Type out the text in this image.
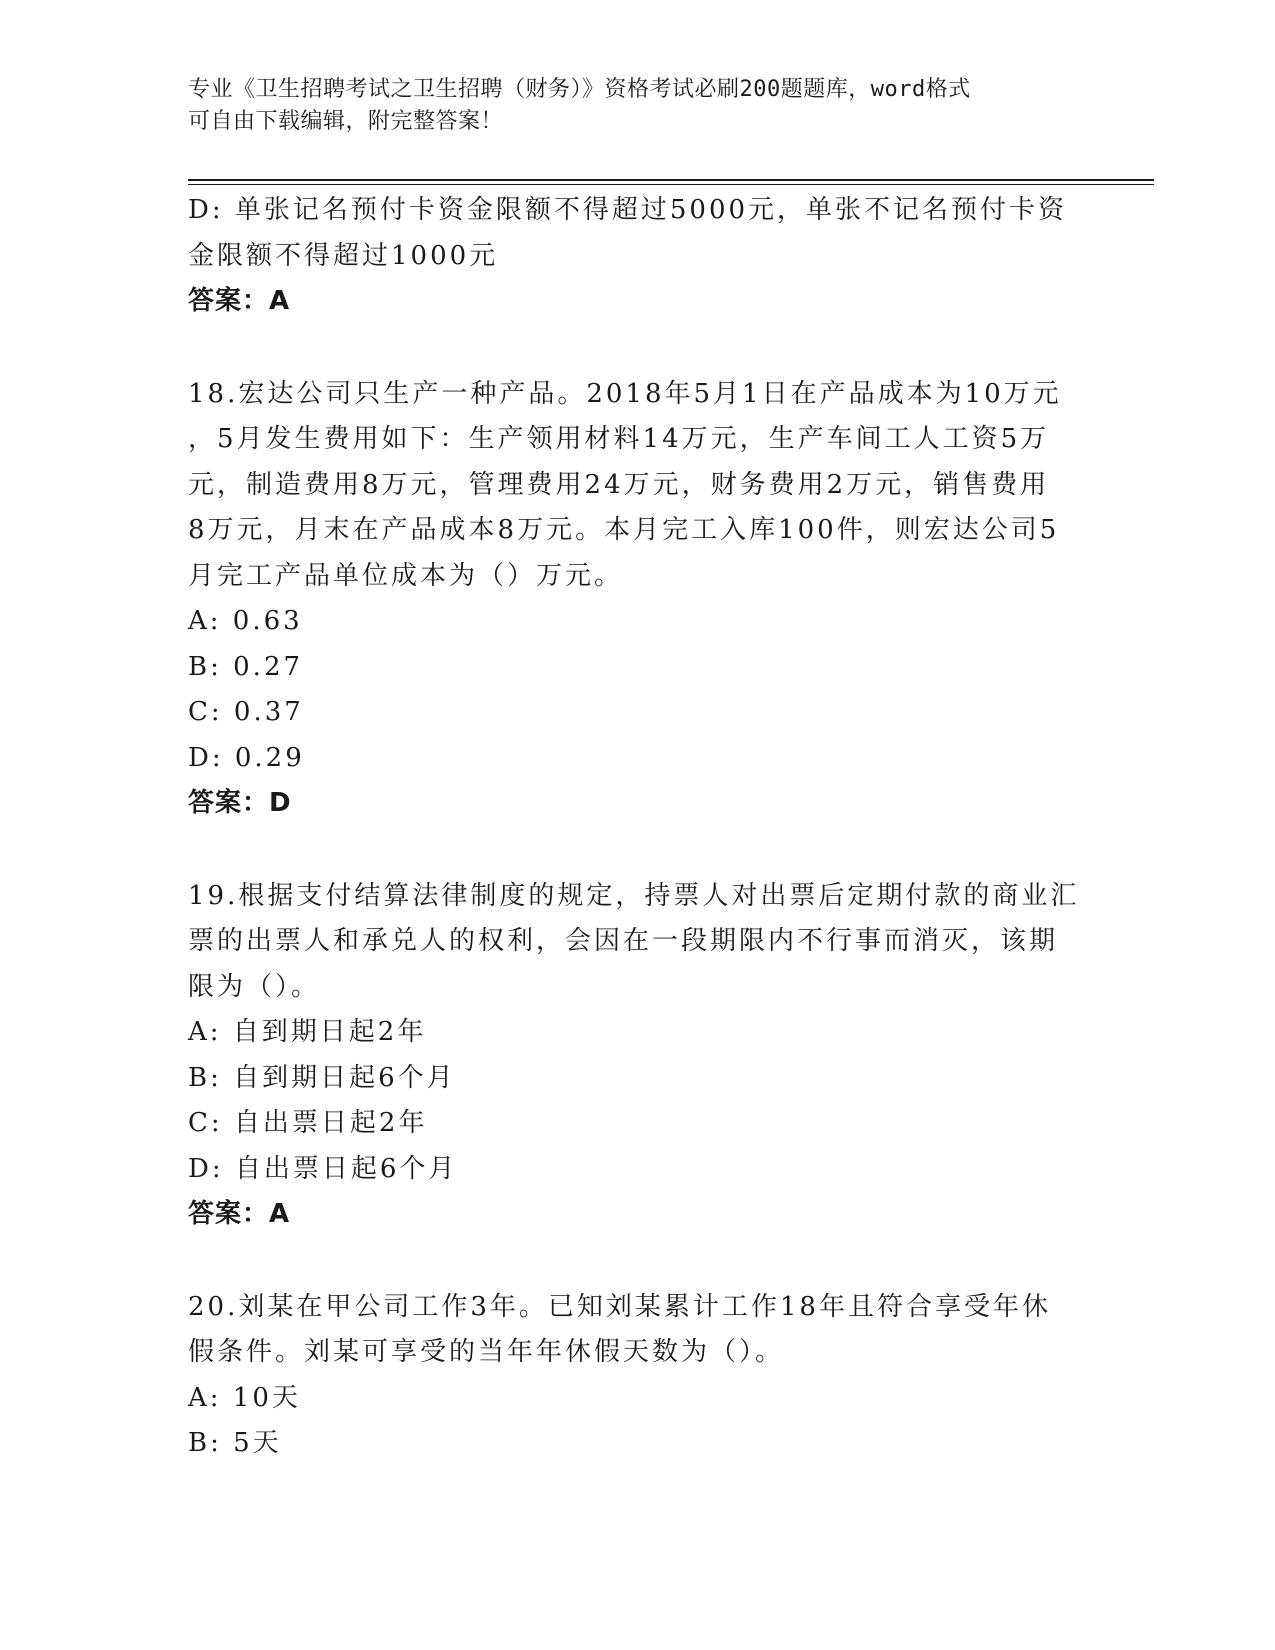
专业《卫生招聘考试之卫生招聘（财务）》资格考试必刷200题题库，word格式
可自由下载编辑，附完整答案！

D: 单张记名预付卡资金限额不得超过5000元，单张不记名预付卡资

金限额不得超过1000元

答案：A

18.宏达公司只生产一种产品。2018年5月1日在产品成本为10万元

，5月发生费用如下：生产领用材料14万元，生产车间工人工资5万

元，制造费用8万元，管理费用24万元，财务费用2万元，销售费用

8万元，月末在产品成本8万元。本月完工入库100件，则宏达公司5

月完工产品单位成本为（）万元。

A: 0.63

B: 0.27

C: 0.37

D: 0.29

答案：D

19.根据支付结算法律制度的规定，持票人对出票后定期付款的商业汇

票的出票人和承兑人的权利，会因在一段期限内不行事而消灭，该期

限为（）。

A: 自到期日起2年

B: 自到期日起6个月

C: 自出票日起2年

D: 自出票日起6个月

答案：A

20.刘某在甲公司工作3年。已知刘某累计工作18年且符合享受年休

假条件。刘某可享受的当年年休假天数为（）。

A: 10天

B: 5天
